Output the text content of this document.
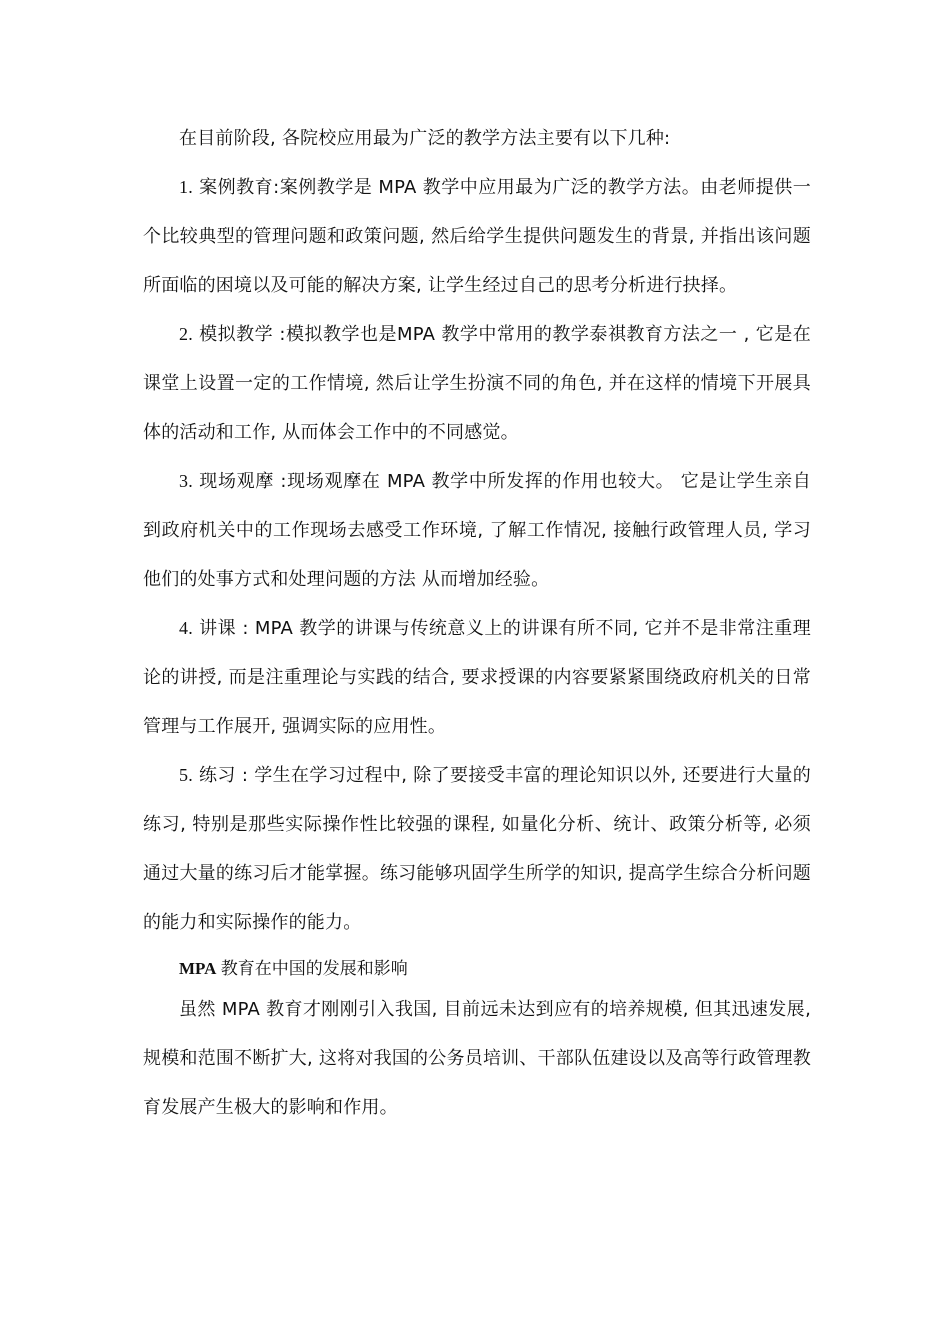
在目前阶段, 各院校应用最为广泛的教学方法主要有以下几种:

1. 案例教育:案例教学是 MPA 教学中应用最为广泛的教学方法。由老师提供一个比较典型的管理问题和政策问题, 然后给学生提供问题发生的背景, 并指出该问题所面临的困境以及可能的解决方案, 让学生经过自己的思考分析进行抉择。

2. 模拟教学 :模拟教学也是MPA 教学中常用的教学泰祺教育方法之一 , 它是在课堂上设置一定的工作情境, 然后让学生扮演不同的角色, 并在这样的情境下开展具体的活动和工作, 从而体会工作中的不同感觉。

3. 现场观摩 :现场观摩在 MPA 教学中所发挥的作用也较大。 它是让学生亲自到政府机关中的工作现场去感受工作环境, 了解工作情况, 接触行政管理人员, 学习他们的处事方式和处理问题的方法 从而增加经验。

4. 讲课 : MPA 教学的讲课与传统意义上的讲课有所不同, 它并不是非常注重理论的讲授, 而是注重理论与实践的结合, 要求授课的内容要紧紧围绕政府机关的日常管理与工作展开, 强调实际的应用性。

5. 练习 : 学生在学习过程中, 除了要接受丰富的理论知识以外, 还要进行大量的练习, 特别是那些实际操作性比较强的课程, 如量化分析、统计、政策分析等, 必须通过大量的练习后才能掌握。练习能够巩固学生所学的知识, 提高学生综合分析问题的能力和实际操作的能力。

MPA 教育在中国的发展和影响

虽然 MPA 教育才刚刚引入我国, 目前远未达到应有的培养规模, 但其迅速发展, 规模和范围不断扩大, 这将对我国的公务员培训、干部队伍建设以及高等行政管理教育发展产生极大的影响和作用。
